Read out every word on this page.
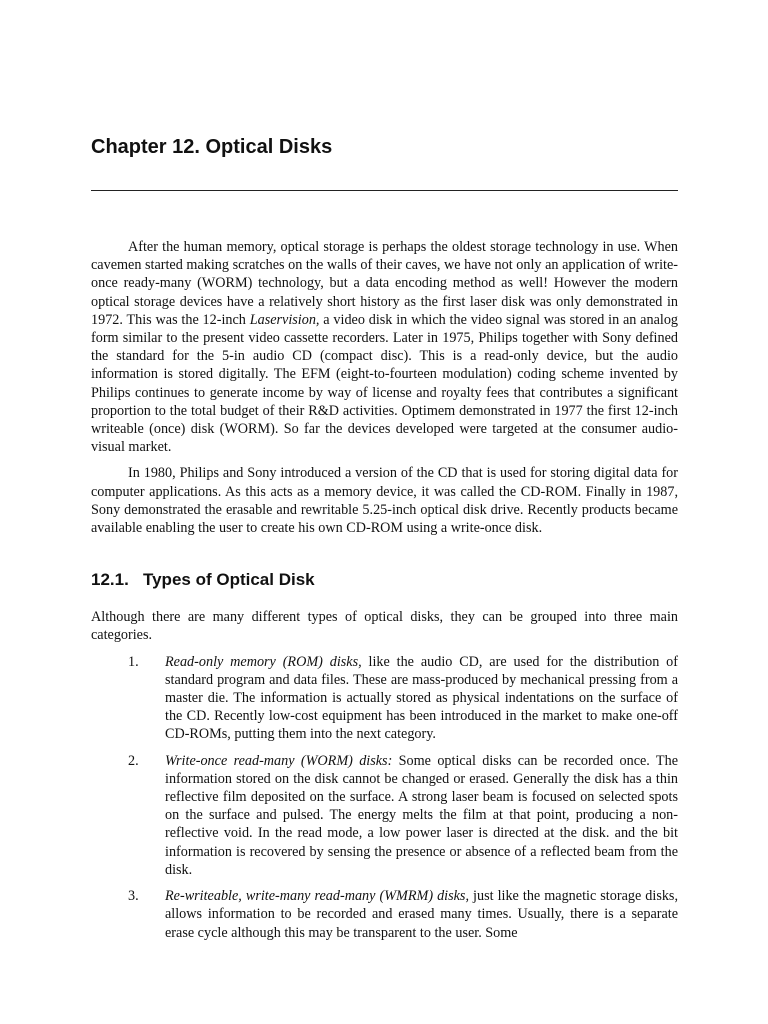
Chapter 12. Optical Disks

After the human memory, optical storage is perhaps the oldest storage technology in use. When cavemen started making scratches on the walls of their caves, we have not only an application of write-once ready-many (WORM) technology, but a data encoding method as well! However the modern optical storage devices have a relatively short history as the first laser disk was only demonstrated in 1972. This was the 12-inch Laservision, a video disk in which the video signal was stored in an analog form similar to the present video cassette recorders. Later in 1975, Philips together with Sony defined the standard for the 5-in audio CD (compact disc). This is a read-only device, but the audio information is stored digitally. The EFM (eight-to-fourteen modulation) coding scheme invented by Philips continues to generate income by way of license and royalty fees that contributes a significant proportion to the total budget of their R&D activities. Optimem demonstrated in 1977 the first 12-inch writeable (once) disk (WORM). So far the devices developed were targeted at the consumer audio-visual market.

In 1980, Philips and Sony introduced a version of the CD that is used for storing digital data for computer applications. As this acts as a memory device, it was called the CD-ROM. Finally in 1987, Sony demonstrated the erasable and rewritable 5.25-inch optical disk drive. Recently products became available enabling the user to create his own CD-ROM using a write-once disk.

12.1.   Types of Optical Disk

Although there are many different types of optical disks, they can be grouped into three main categories.

1. Read-only memory (ROM) disks, like the audio CD, are used for the distribution of standard program and data files. These are mass-produced by mechanical pressing from a master die. The information is actually stored as physical indentations on the surface of the CD. Recently low-cost equipment has been introduced in the market to make one-off CD-ROMs, putting them into the next category.

2. Write-once read-many (WORM) disks: Some optical disks can be recorded once. The information stored on the disk cannot be changed or erased. Generally the disk has a thin reflective film deposited on the surface. A strong laser beam is focused on selected spots on the surface and pulsed. The energy melts the film at that point, producing a non-reflective void. In the read mode, a low power laser is directed at the disk. and the bit information is recovered by sensing the presence or absence of a reflected beam from the disk.

3. Re-writeable, write-many read-many (WMRM) disks, just like the magnetic storage disks, allows information to be recorded and erased many times. Usually, there is a separate erase cycle although this may be transparent to the user. Some
